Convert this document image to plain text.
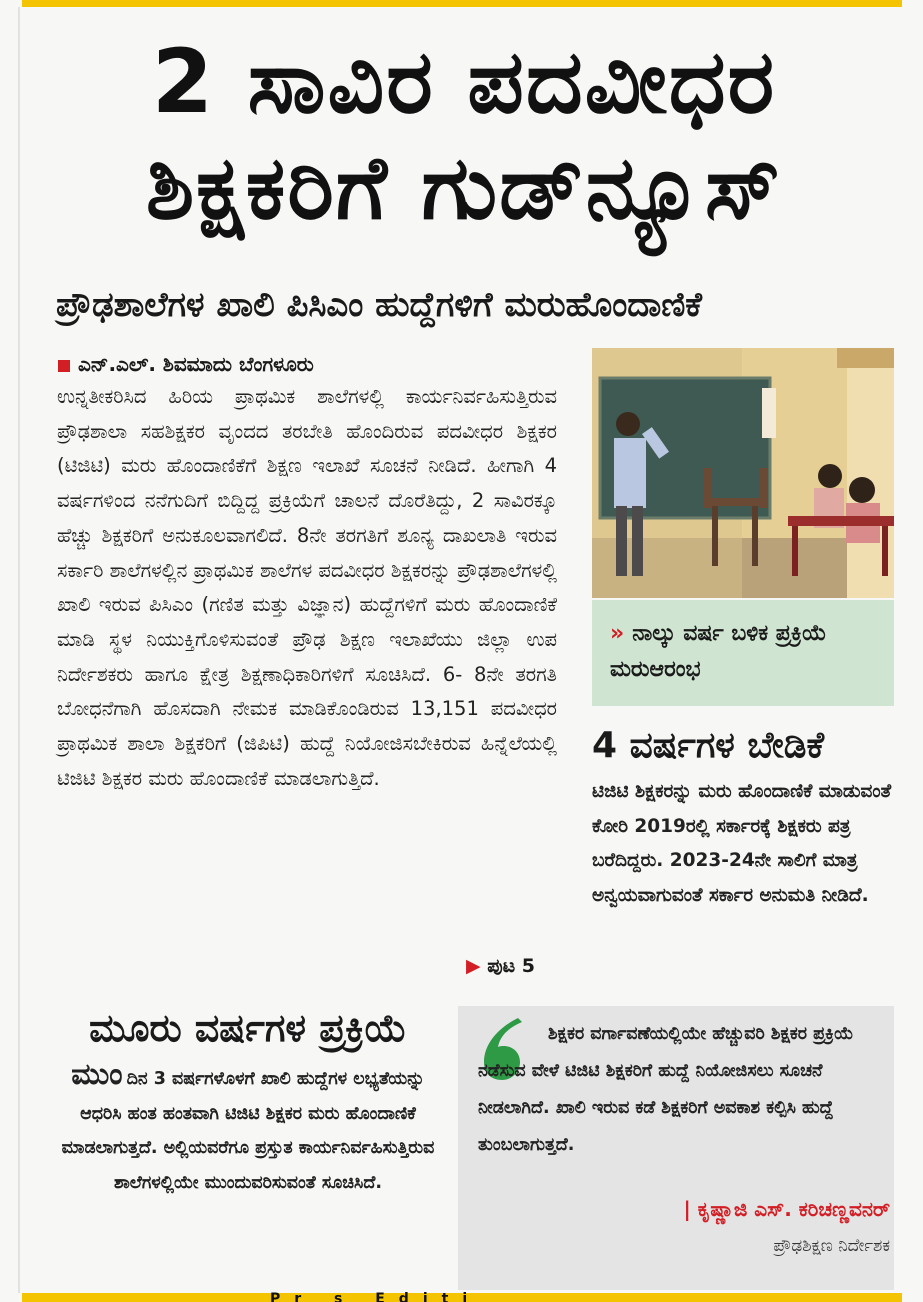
2 ಸಾವಿರ ಪದವೀಧರ
ಶಿಕ್ಷಕರಿಗೆ ಗುಡ್‌ನ್ಯೂಸ್
ಪ್ರೌಢಶಾಲೆಗಳ ಖಾಲಿ ಪಿಸಿಎಂ ಹುದ್ದೆಗಳಿಗೆ ಮರುಹೊಂದಾಣಿಕೆ
ಎನ್.ಎಲ್. ಶಿವಮಾದು ಬೆಂಗಳೂರು
ಉನ್ನತೀಕರಿಸಿದ ಹಿರಿಯ ಪ್ರಾಥಮಿಕ ಶಾಲೆಗಳಲ್ಲಿ ಕಾರ್ಯನಿರ್ವಹಿಸುತ್ತಿರುವ ಪ್ರೌಢಶಾಲಾ ಸಹಶಿಕ್ಷಕರ ವೃಂದದ ತರಬೇತಿ ಹೊಂದಿರುವ ಪದವೀಧರ ಶಿಕ್ಷಕರ (ಟಿಜಿಟಿ) ಮರು ಹೊಂದಾಣಿಕೆಗೆ ಶಿಕ್ಷಣ ಇಲಾಖೆ ಸೂಚನೆ ನೀಡಿದೆ. ಹೀಗಾಗಿ 4 ವರ್ಷಗಳಿಂದ ನನೆಗುದಿಗೆ ಬಿದ್ದಿದ್ದ ಪ್ರಕ್ರಿಯೆಗೆ ಚಾಲನೆ ದೊರೆತಿದ್ದು, 2 ಸಾವಿರಕ್ಕೂ ಹೆಚ್ಚು ಶಿಕ್ಷಕರಿಗೆ ಅನುಕೂಲವಾಗಲಿದೆ. 8ನೇ ತರಗತಿಗೆ ಶೂನ್ಯ ದಾಖಲಾತಿ ಇರುವ ಸರ್ಕಾರಿ ಶಾಲೆಗಳಲ್ಲಿನ ಪ್ರಾಥಮಿಕ ಶಾಲೆಗಳ ಪದವೀಧರ ಶಿಕ್ಷಕರನ್ನು ಪ್ರೌಢಶಾಲೆಗಳಲ್ಲಿ ಖಾಲಿ ಇರುವ ಪಿಸಿಎಂ (ಗಣಿತ ಮತ್ತು ವಿಜ್ಞಾನ) ಹುದ್ದೆಗಳಿಗೆ ಮರು ಹೊಂದಾಣಿಕೆ ಮಾಡಿ ಸ್ಥಳ ನಿಯುಕ್ತಿಗೊಳಿಸುವಂತೆ ಪ್ರೌಢ ಶಿಕ್ಷಣ ಇಲಾಖೆಯು ಜಿಲ್ಲಾ ಉಪ ನಿರ್ದೇಶಕರು ಹಾಗೂ ಕ್ಷೇತ್ರ ಶಿಕ್ಷಣಾಧಿಕಾರಿಗಳಿಗೆ ಸೂಚಿಸಿದೆ. 6- 8ನೇ ತರಗತಿ ಬೋಧನೆಗಾಗಿ ಹೊಸದಾಗಿ ನೇಮಕ ಮಾಡಿಕೊಂಡಿರುವ 13,151 ಪದವೀಧರ ಪ್ರಾಥಮಿಕ ಶಾಲಾ ಶಿಕ್ಷಕರಿಗೆ (ಜಿಪಿಟಿ) ಹುದ್ದೆ ನಿಯೋಜಿಸಬೇಕಿರುವ ಹಿನ್ನೆಲೆಯಲ್ಲಿ ಟಿಜಿಟಿ ಶಿಕ್ಷಕರ ಮರು ಹೊಂದಾಣಿಕೆ ಮಾಡಲಾಗುತ್ತಿದೆ.
▶ ಪುಟ 5
» ನಾಲ್ಕು ವರ್ಷ ಬಳಿಕ ಪ್ರಕ್ರಿಯೆ ಮರುಆರಂಭ
4 ವರ್ಷಗಳ ಬೇಡಿಕೆ
ಟಿಜಿಟಿ ಶಿಕ್ಷಕರನ್ನು ಮರು ಹೊಂದಾಣಿಕೆ ಮಾಡುವಂತೆ ಕೋರಿ 2019ರಲ್ಲಿ ಸರ್ಕಾರಕ್ಕೆ ಶಿಕ್ಷಕರು ಪತ್ರ ಬರೆದಿದ್ದರು. 2023-24ನೇ ಸಾಲಿಗೆ ಮಾತ್ರ ಅನ್ವಯವಾಗುವಂತೆ ಸರ್ಕಾರ ಅನುಮತಿ ನೀಡಿದೆ.
ಮೂರು ವರ್ಷಗಳ ಪ್ರಕ್ರಿಯೆ
ಮುಂದಿನ 3 ವರ್ಷಗಳೊಳಗೆ ಖಾಲಿ ಹುದ್ದೆಗಳ ಲಭ್ಯತೆಯನ್ನು ಆಧರಿಸಿ ಹಂತ ಹಂತವಾಗಿ ಟಿಜಿಟಿ ಶಿಕ್ಷಕರ ಮರು ಹೊಂದಾಣಿಕೆ ಮಾಡಲಾಗುತ್ತದೆ. ಅಲ್ಲಿಯವರೆಗೂ ಪ್ರಸ್ತುತ ಕಾರ್ಯನಿರ್ವಹಿಸುತ್ತಿರುವ ಶಾಲೆಗಳಲ್ಲಿಯೇ ಮುಂದುವರಿಸುವಂತೆ ಸೂಚಿಸಿದೆ.
ಶಿಕ್ಷಕರ ವರ್ಗಾವಣೆಯಲ್ಲಿಯೇ ಹೆಚ್ಚುವರಿ ಶಿಕ್ಷಕರ ಪ್ರಕ್ರಿಯೆ ನಡೆಸುವ ವೇಳೆ ಟಿಜಿಟಿ ಶಿಕ್ಷಕರಿಗೆ ಹುದ್ದೆ ನಿಯೋಜಿಸಲು ಸೂಚನೆ ನೀಡಲಾಗಿದೆ. ಖಾಲಿ ಇರುವ ಕಡೆ ಶಿಕ್ಷಕರಿಗೆ ಅವಕಾಶ ಕಲ್ಪಿಸಿ ಹುದ್ದೆ ತುಂಬಲಾಗುತ್ತದೆ.
| ಕೃಷ್ಣಾಜಿ ಎಸ್. ಕರಿಚಣ್ಣವನರ್
ಪ್ರೌಢಶಿಕ್ಷಣ ನಿರ್ದೇಶಕ
Pr s Editi
